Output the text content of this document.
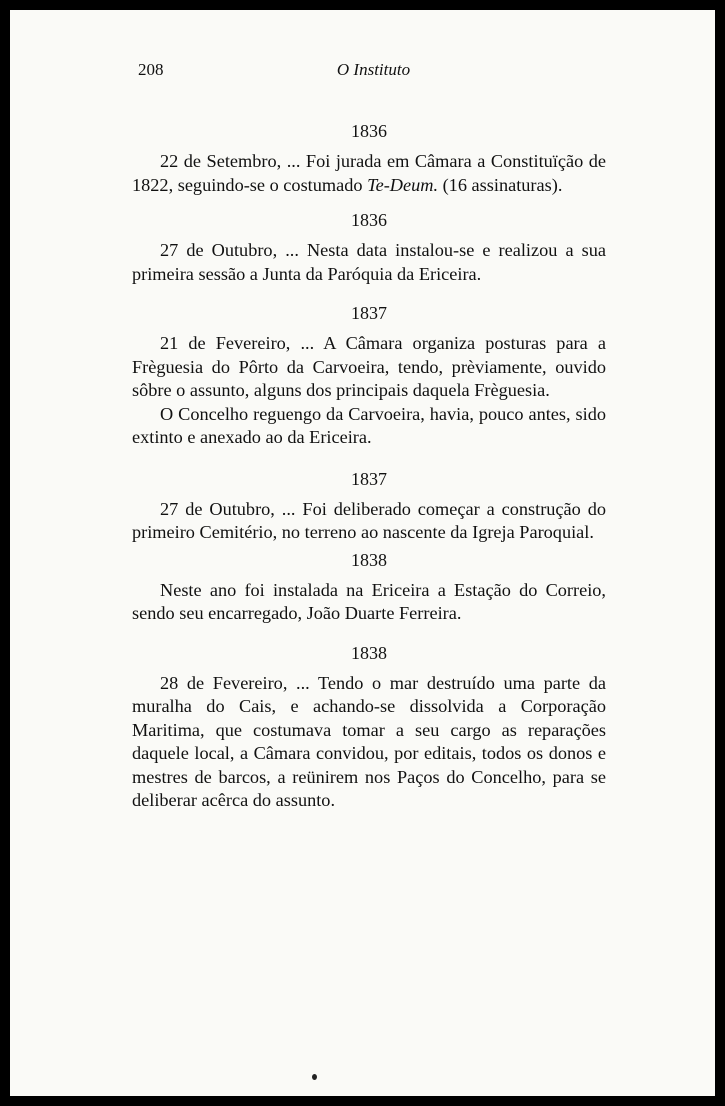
208	O Instituto
1836

22 de Setembro, ... Foi jurada em Câmara a Constituïção de 1822, seguindo-se o costumado Te-Deum. (16 assinaturas).

1836

27 de Outubro, ... Nesta data instalou-se e realizou a sua primeira sessão a Junta da Paróquia da Ericeira.

1837

21 de Fevereiro, ... A Câmara organiza posturas para a Frèguesia do Pôrto da Carvoeira, tendo, prèviamente, ouvido sôbre o assunto, alguns dos principais daquela Frèguesia.

O Concelho reguengo da Carvoeira, havia, pouco antes, sido extinto e anexado ao da Ericeira.

1837

27 de Outubro, ... Foi deliberado começar a construção do primeiro Cemitério, no terreno ao nascente da Igreja Paroquial.

1838

Neste ano foi instalada na Ericeira a Estação do Correio, sendo seu encarregado, João Duarte Ferreira.

1838

28 de Fevereiro, ... Tendo o mar destruído uma parte da muralha do Cais, e achando-se dissolvida a Corporação Maritima, que costumava tomar a seu cargo as reparações daquele local, a Câmara convidou, por editais, todos os donos e mestres de barcos, a reünirem nos Paços do Concelho, para se deliberar acêrca do assunto.
